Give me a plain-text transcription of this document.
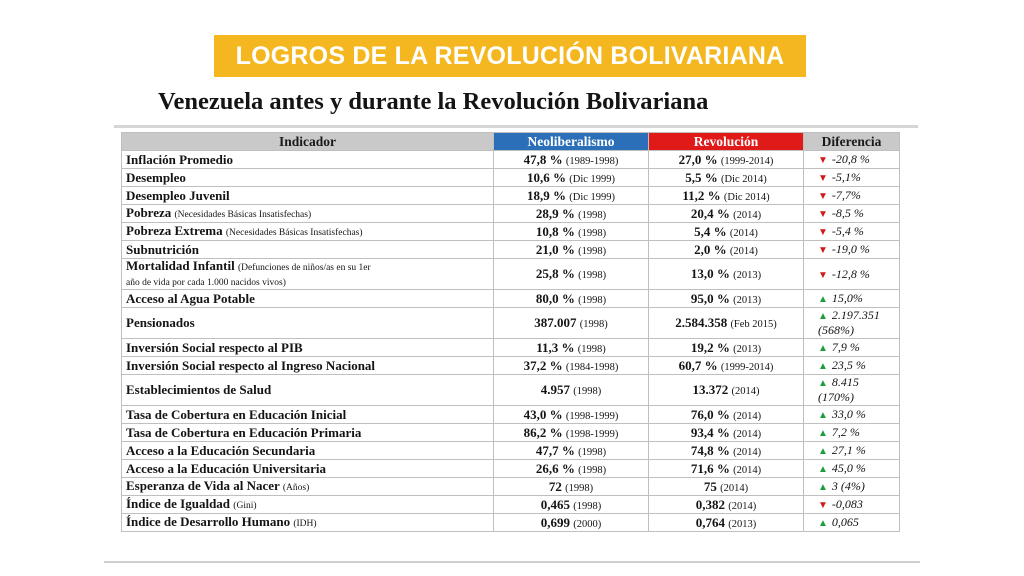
LOGROS DE LA REVOLUCIÓN BOLIVARIANA
Venezuela antes y durante la Revolución Bolivariana
Indicador	Neoliberalismo	Revolución	Diferencia
Inflación Promedio	47,8 % (1989-1998)	27,0 % (1999-2014)	▼ -20,8 %
Desempleo	10,6 % (Dic 1999)	5,5 % (Dic 2014)	▼ -5,1%
Desempleo Juvenil	18,9 % (Dic 1999)	11,2 % (Dic 2014)	▼ -7,7%
Pobreza (Necesidades Básicas Insatisfechas)	28,9 % (1998)	20,4 % (2014)	▼ -8,5 %
Pobreza Extrema (Necesidades Básicas Insatisfechas)	10,8 % (1998)	5,4 % (2014)	▼ -5,4 %
Subnutrición	21,0 % (1998)	2,0 % (2014)	▼ -19,0 %
Mortalidad Infantil (Defunciones de niños/as en su 1er
año de vida por cada 1.000 nacidos vivos)	25,8 % (1998)	13,0 % (2013)	▼ -12,8 %
Acceso al Agua Potable	80,0 % (1998)	95,0 % (2013)	▲ 15,0%
Pensionados	387.007 (1998)	2.584.358 (Feb 2015)	▲ 2.197.351
(568%)
Inversión Social respecto al PIB	11,3 % (1998)	19,2 % (2013)	▲ 7,9 %
Inversión Social respecto al Ingreso Nacional	37,2 % (1984-1998)	60,7 % (1999-2014)	▲ 23,5 %
Establecimientos de Salud	4.957 (1998)	13.372 (2014)	▲ 8.415
(170%)
Tasa de Cobertura en Educación Inicial	43,0 % (1998-1999)	76,0 % (2014)	▲ 33,0 %
Tasa de Cobertura en Educación Primaria	86,2 % (1998-1999)	93,4 % (2014)	▲ 7,2 %
Acceso a la Educación Secundaria	47,7 % (1998)	74,8 % (2014)	▲ 27,1 %
Acceso a la Educación Universitaria	26,6 % (1998)	71,6 % (2014)	▲ 45,0 %
Esperanza de Vida al Nacer (Años)	72 (1998)	75 (2014)	▲ 3 (4%)
Índice de Igualdad (Gini)	0,465 (1998)	0,382 (2014)	▼ -0,083
Índice de Desarrollo Humano (IDH)	0,699 (2000)	0,764 (2013)	▲ 0,065
